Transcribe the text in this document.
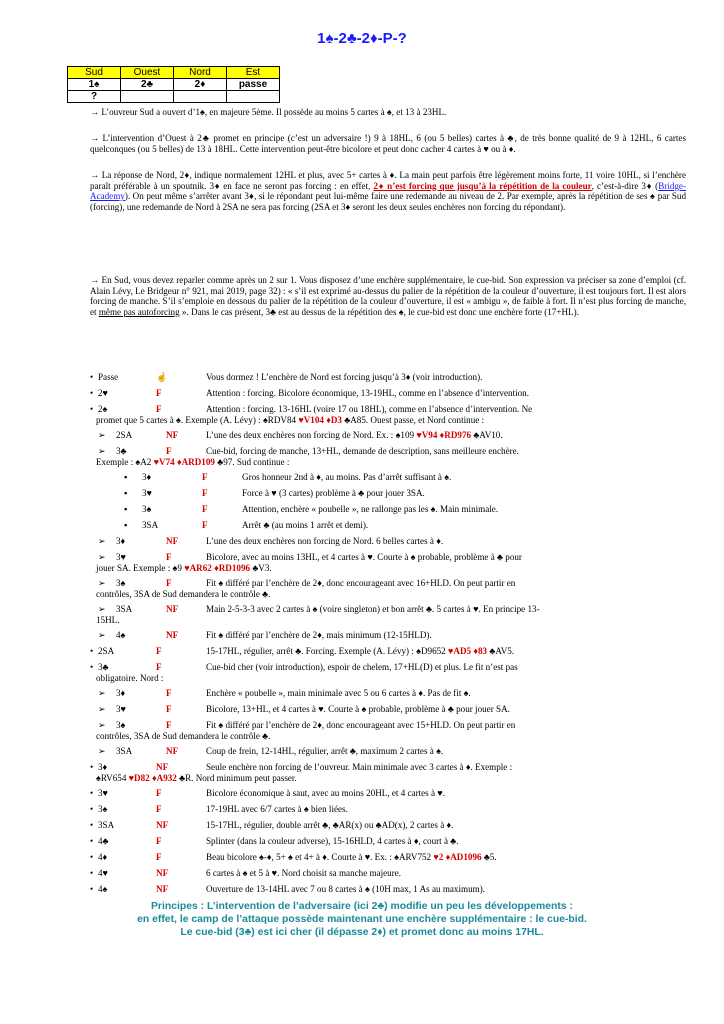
1♠-2♣-2♦-P-?
Sud	Ouest	Nord	Est
1♠	2♣	2♦	passe
?			
→ L’ouvreur Sud a ouvert d’1♠, en majeure 5ème. Il possède au moins 5 cartes à ♠, et 13 à 23HL.
→ L’intervention d’Ouest à 2♣ promet en principe (c’est un adversaire !) 9 à 18HL, 6 (ou 5 belles) cartes à ♣, de très bonne qualité de 9 à 12HL, 6 cartes quelconques (ou 5 belles) de 13 à 18HL. Cette intervention peut-être bicolore et peut donc cacher 4 cartes à ♥ ou à ♦.
→ La réponse de Nord, 2♦, indique normalement 12HL et plus, avec 5+ cartes à ♦. La main peut parfois être légèrement moins forte, 11 voire 10HL, si l’enchère paraît préférable à un spoutnik. 3♦ en face ne seront pas forcing : en effet, 2♦ n’est forcing que jusqu’à la répétition de la couleur, c’est-à-dire 3♦ (Bridge-Academy). On peut même s’arrêter avant 3♦, si le répondant peut lui-même faire une redemande au niveau de 2. Par exemple, après la répétition de ses ♠ par Sud (forcing), une redemande de Nord à 2SA ne sera pas forcing (2SA et 3♦ seront les deux seules enchères non forcing du répondant).
→ En Sud, vous devez reparler comme après un 2 sur 1. Vous disposez d’une enchère supplémentaire, le cue-bid. Son expression va préciser sa zone d’emploi (cf. Alain Lévy, Le Bridgeur n° 921, mai 2019, page 32) : « s’il est exprimé au-dessus du palier de la répétition de la couleur d’ouverture, il est toujours fort. Il est alors forcing de manche. S’il s’emploie en dessous du palier de la répétition de la couleur d’ouverture, il est « ambigu », de faible à fort. Il n’est plus forcing de manche, et même pas autoforcing ». Dans le cas présent, 3♣ est au dessus de la répétition des ♠, le cue-bid est donc une enchère forte (17+HL).
• Passe	☝	Vous dormez ! L’enchère de Nord est forcing jusqu’à 3♦ (voir introduction).
• 2♥	F	Attention : forcing. Bicolore économique, 13-19HL, comme en l’absence d’intervention.
• 2♠	F	Attention : forcing. 13-16HL (voire 17 ou 18HL), comme en l’absence d’intervention. Ne
promet que 5 cartes à ♠. Exemple (A. Lévy) : ♠RDV84 ♥V104 ♦D3 ♣A85. Ouest passe, et Nord continue :
➢ 2SA	NF	L’une des deux enchères non forcing de Nord. Ex. : ♠109 ♥V94 ♦RD976 ♣AV10.
➢ 3♣	F	Cue-bid, forcing de manche, 13+HL, demande de description, sans meilleure enchère.
Exemple : ♠A2 ♥V74 ♦ARD109 ♣97. Sud continue :
▪ 3♦	F	Gros honneur 2nd à ♦, au moins. Pas d’arrêt suffisant à ♠.
▪ 3♥	F	Force à ♥ (3 cartes) problème à ♣ pour jouer 3SA.
▪ 3♠	F	Attention, enchère « poubelle », ne rallonge pas les ♠. Main minimale.
▪ 3SA	F	Arrêt ♣ (au moins 1 arrêt et demi).
➢ 3♦	NF	L’une des deux enchères non forcing de Nord. 6 belles cartes à ♦.
➢ 3♥	F	Bicolore, avec au moins 13HL, et 4 cartes à ♥. Courte à ♠ probable, problème à ♣ pour
jouer SA. Exemple : ♠9 ♥AR62 ♦RD1096 ♣V3.
➢ 3♠	F	Fit ♠ différé par l’enchère de 2♦, donc encourageant avec 16+HLD. On peut partir en
contrôles, 3SA de Sud demandera le contrôle ♣.
➢ 3SA	NF	Main 2-5-3-3 avec 2 cartes à ♠ (voire singleton) et bon arrêt ♣. 5 cartes à ♥. En principe 13-
15HL.
➢ 4♠	NF	Fit ♠ différé par l’enchère de 2♦, mais minimum (12-15HLD).
• 2SA	F	15-17HL, régulier, arrêt ♣. Forcing. Exemple (A. Lévy) : ♠D9652 ♥AD5 ♦83 ♣AV5.
• 3♣	F	Cue-bid cher (voir introduction), espoir de chelem, 17+HL(D) et plus. Le fit n’est pas
obligatoire. Nord :
➢ 3♦	F	Enchère « poubelle », main minimale avec 5 ou 6 cartes à ♦. Pas de fit ♠.
➢ 3♥	F	Bicolore, 13+HL, et 4 cartes à ♥. Courte à ♠ probable, problème à ♣ pour jouer SA.
➢ 3♠	F	Fit ♠ différé par l’enchère de 2♦, donc encourageant avec 15+HLD. On peut partir en
contrôles, 3SA de Sud demandera le contrôle ♣.
➢ 3SA	NF	Coup de frein, 12-14HL, régulier, arrêt ♣, maximum 2 cartes à ♠.
• 3♦	NF	Seule enchère non forcing de l’ouvreur. Main minimale avec 3 cartes à ♦. Exemple :
♠RV654 ♥D82 ♦A932 ♣R. Nord minimum peut passer.
• 3♥	F	Bicolore économique à saut, avec au moins 20HL, et 4 cartes à ♥.
• 3♠	F	17-19HL avec 6/7 cartes à ♠ bien liées.
• 3SA	NF	15-17HL, régulier, double arrêt ♣, ♣AR(x) ou ♣AD(x), 2 cartes à ♦.
• 4♣	F	Splinter (dans la couleur adverse), 15-16HLD, 4 cartes à ♦, court à ♣.
• 4♦	F	Beau bicolore ♠-♦, 5+ ♠ et 4+ à ♦. Courte à ♥. Ex. : ♠ARV752 ♥2 ♦AD1096 ♣5.
• 4♥	NF	6 cartes à ♠ et 5 à ♥. Nord choisit sa manche majeure.
• 4♠	NF	Ouverture de 13-14HL avec 7 ou 8 cartes à ♠ (10H max, 1 As au maximum).
Principes : L’intervention de l’adversaire (ici 2♣) modifie un peu les développements :
en effet, le camp de l’attaque possède maintenant une enchère supplémentaire : le cue-bid.
Le cue-bid (3♣) est ici cher (il dépasse 2♦) et promet donc au moins 17HL.
